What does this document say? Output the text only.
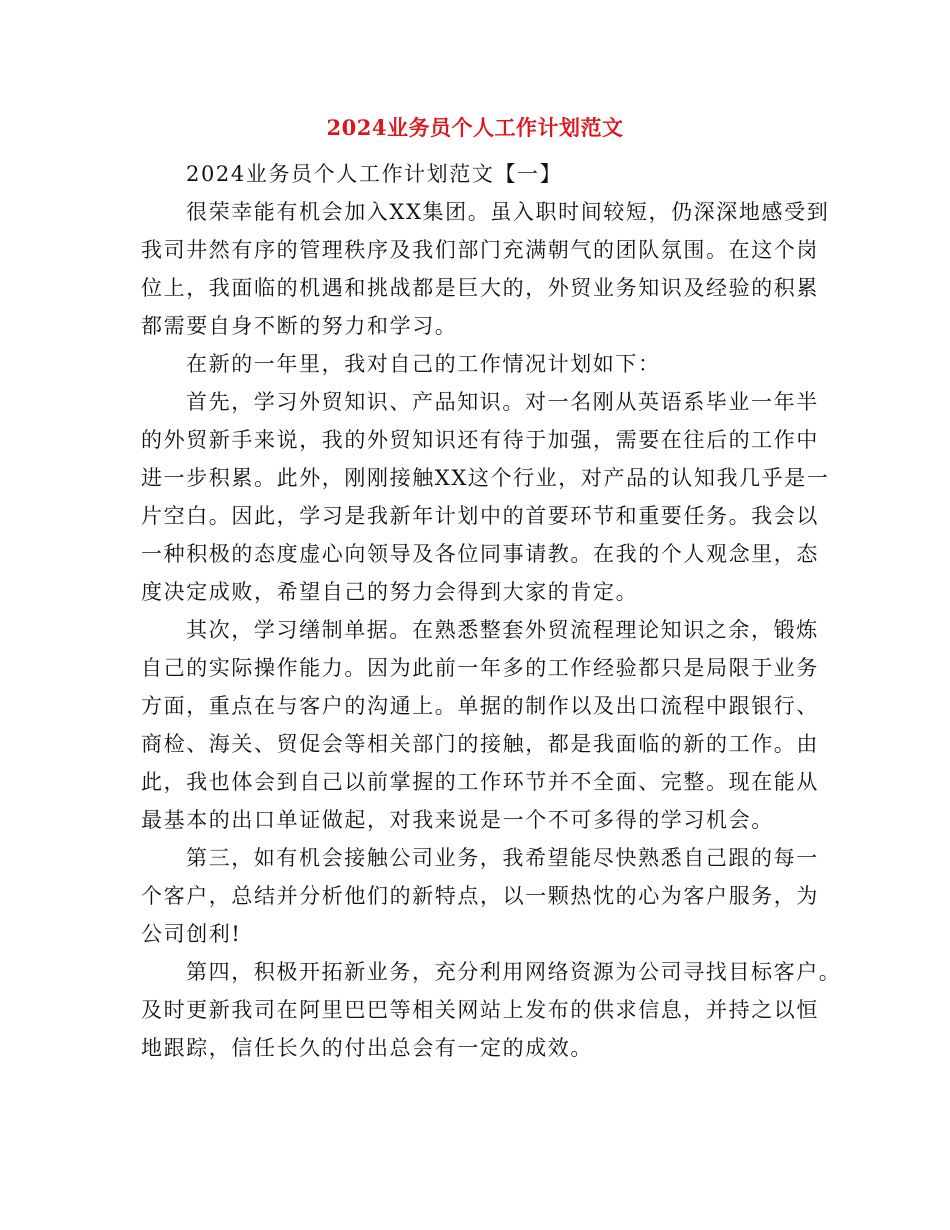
2024业务员个人工作计划范文
2024业务员个人工作计划范文【一】
很荣幸能有机会加入XX集团。虽入职时间较短，仍深深地感受到
我司井然有序的管理秩序及我们部门充满朝气的团队氛围。在这个岗
位上，我面临的机遇和挑战都是巨大的，外贸业务知识及经验的积累
都需要自身不断的努力和学习。
在新的一年里，我对自己的工作情况计划如下：
首先，学习外贸知识、产品知识。对一名刚从英语系毕业一年半
的外贸新手来说，我的外贸知识还有待于加强，需要在往后的工作中
进一步积累。此外，刚刚接触XX这个行业，对产品的认知我几乎是一
片空白。因此，学习是我新年计划中的首要环节和重要任务。我会以
一种积极的态度虚心向领导及各位同事请教。在我的个人观念里，态
度决定成败，希望自己的努力会得到大家的肯定。
其次，学习缮制单据。在熟悉整套外贸流程理论知识之余，锻炼
自己的实际操作能力。因为此前一年多的工作经验都只是局限于业务
方面，重点在与客户的沟通上。单据的制作以及出口流程中跟银行、
商检、海关、贸促会等相关部门的接触，都是我面临的新的工作。由
此，我也体会到自己以前掌握的工作环节并不全面、完整。现在能从
最基本的出口单证做起，对我来说是一个不可多得的学习机会。
第三，如有机会接触公司业务，我希望能尽快熟悉自己跟的每一
个客户，总结并分析他们的新特点，以一颗热忱的心为客户服务，为
公司创利!
第四，积极开拓新业务，充分利用网络资源为公司寻找目标客户。
及时更新我司在阿里巴巴等相关网站上发布的供求信息，并持之以恒
地跟踪，信任长久的付出总会有一定的成效。
